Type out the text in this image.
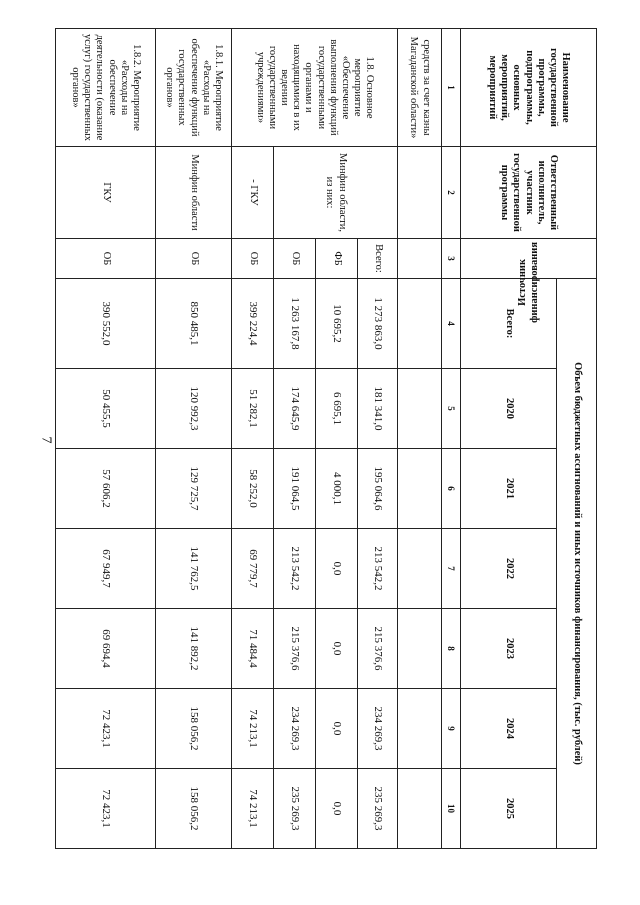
7
Наименование государственной программы, подпрограммы, основных мероприятий, мероприятий	Ответственный исполнитель, участник государственной программы	Источник финансирования	Объем бюджетных ассигнований и иных источников финансирования, (тыс. рублей)						
			Всего:	2020	2021	2022	2023	2024	2025
1	2	3	4	5	6	7	8	9	10
средств за счет казны Магаданской области»									
1.8. Основное мероприятие «Обеспечение выполнения функций государственными органами и находящимися в их ведении государственными учреждениями»	Минфин области, из них:	Всего:	1 273 863,0	181 341,0	195 064,6	213 542,2	215 376,6	234 269,3	235 269,3
		ФБ	10 695,2	6 695,1	4 000,1	0,0	0,0	0,0	0,0
		ОБ	1 263 167,8	174 645,9	191 064,5	213 542,2	215 376,6	234 269,3	235 269,3
	- ГКУ	ОБ	399 224,4	51 282,1	58 252,0	69 779,7	71 484,4	74 213,1	74 213,1
1.8.1. Мероприятие «Расходы на обеспечение функций государственных органов»	Минфин области	ОБ	850 485,1	120 992,3	129 725,7	141 762,5	141 892,2	158 056,2	158 056,2
1.8.2. Мероприятие «Расходы на обеспечение деятельности (оказание услуг) государственных органов»	ГКУ	ОБ	390 552,0	50 455,5	57 606,2	67 949,7	69 694,4	72 423,1	72 423,1
